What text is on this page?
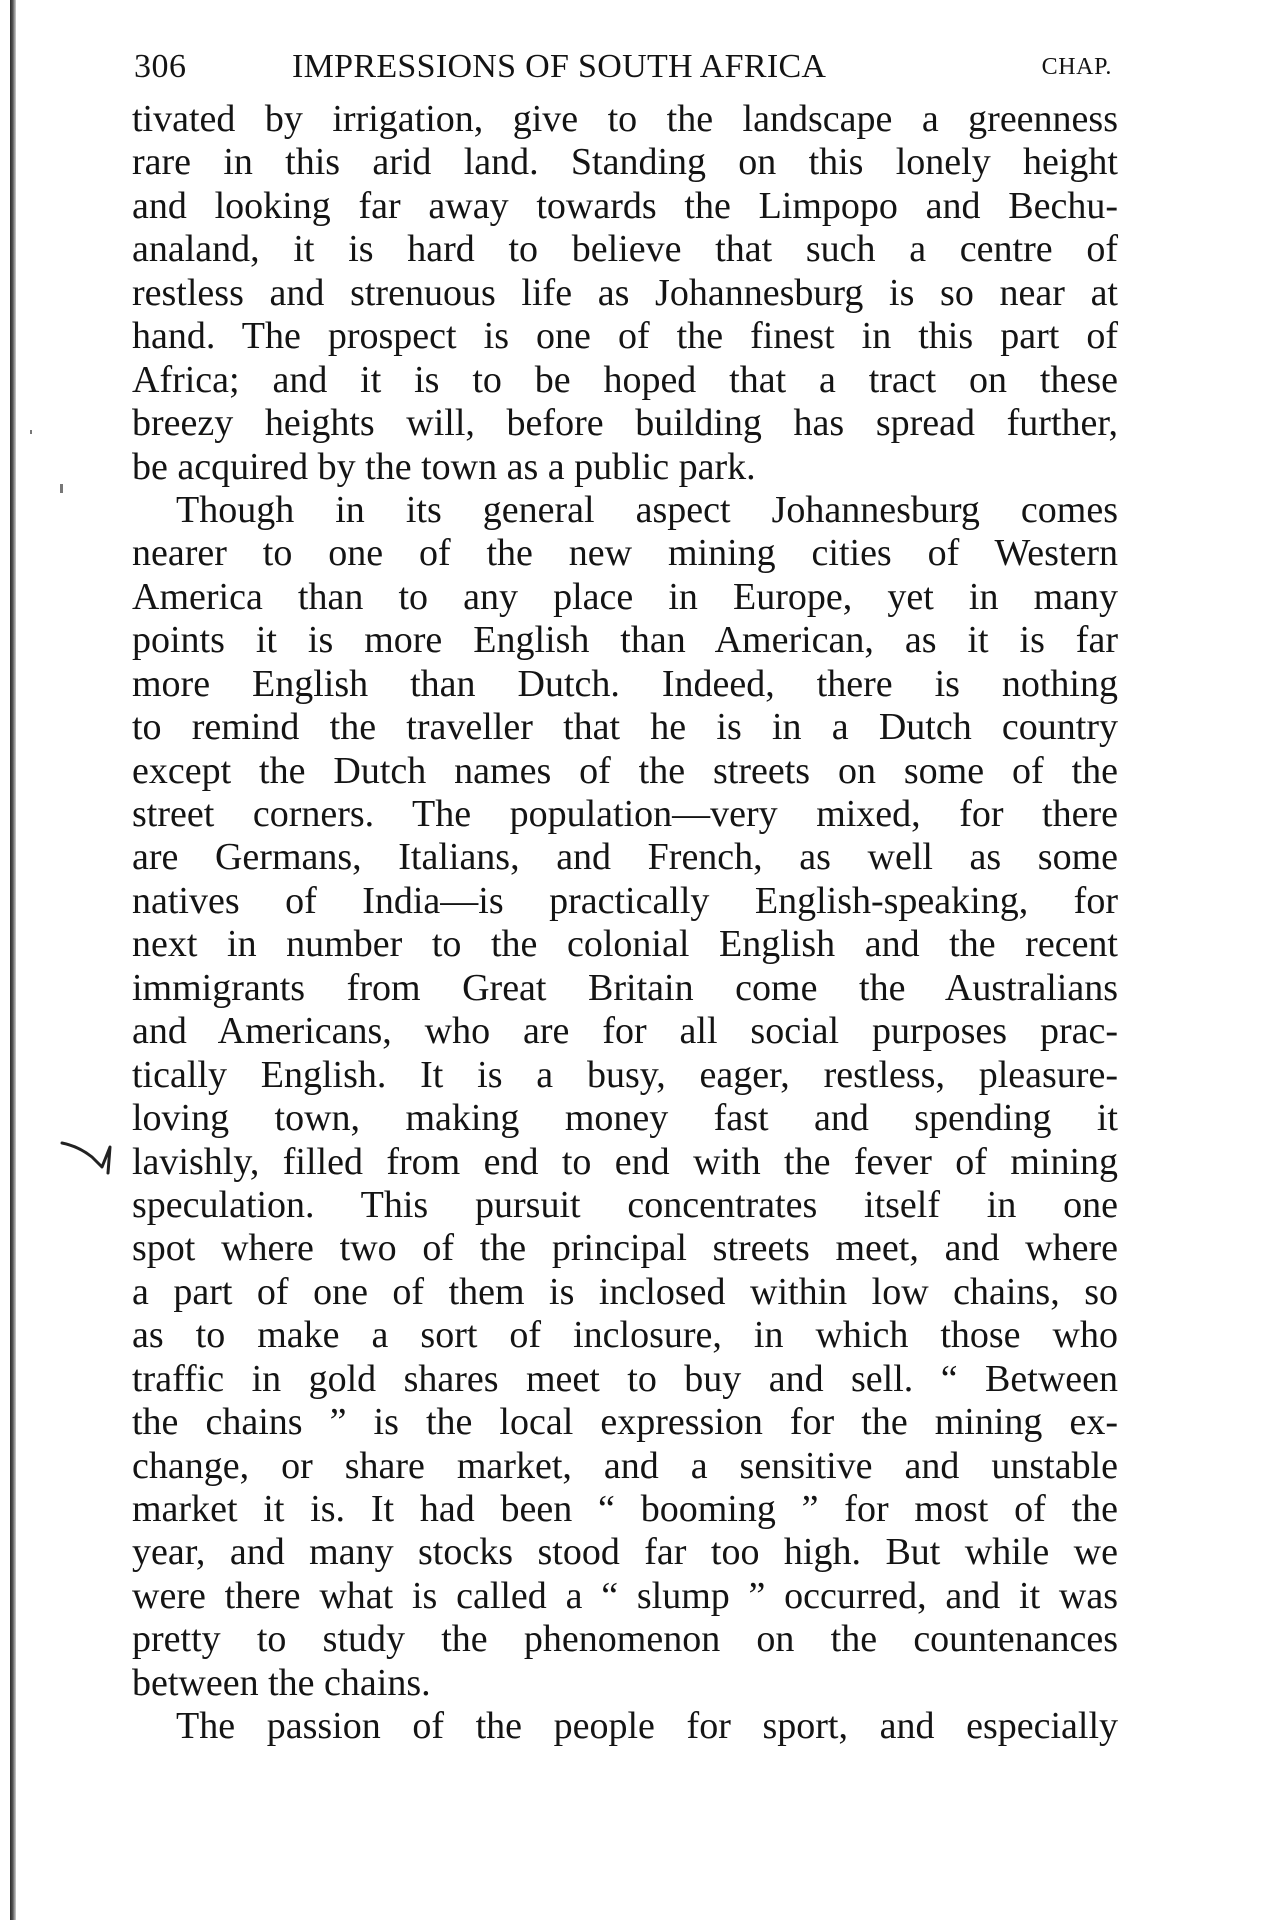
306	IMPRESSIONS OF SOUTH AFRICA	CHAP.
tivated by irrigation, give to the landscape a greenness
rare in this arid land. Standing on this lonely height
and looking far away towards the Limpopo and Bechu-
analand, it is hard to believe that such a centre of
restless and strenuous life as Johannesburg is so near at
hand. The prospect is one of the finest in this part of
Africa; and it is to be hoped that a tract on these
breezy heights will, before building has spread further,
be acquired by the town as a public park.
Though in its general aspect Johannesburg comes
nearer to one of the new mining cities of Western
America than to any place in Europe, yet in many
points it is more English than American, as it is far
more English than Dutch. Indeed, there is nothing
to remind the traveller that he is in a Dutch country
except the Dutch names of the streets on some of the
street corners. The population—very mixed, for there
are Germans, Italians, and French, as well as some
natives of India—is practically English-speaking, for
next in number to the colonial English and the recent
immigrants from Great Britain come the Australians
and Americans, who are for all social purposes prac-
tically English. It is a busy, eager, restless, pleasure-
loving town, making money fast and spending it
lavishly, filled from end to end with the fever of mining
speculation. This pursuit concentrates itself in one
spot where two of the principal streets meet, and where
a part of one of them is inclosed within low chains, so
as to make a sort of inclosure, in which those who
traffic in gold shares meet to buy and sell. “ Between
the chains ” is the local expression for the mining ex-
change, or share market, and a sensitive and unstable
market it is. It had been “ booming ” for most of the
year, and many stocks stood far too high. But while we
were there what is called a “ slump ” occurred, and it was
pretty to study the phenomenon on the countenances
between the chains.
The passion of the people for sport, and especially
